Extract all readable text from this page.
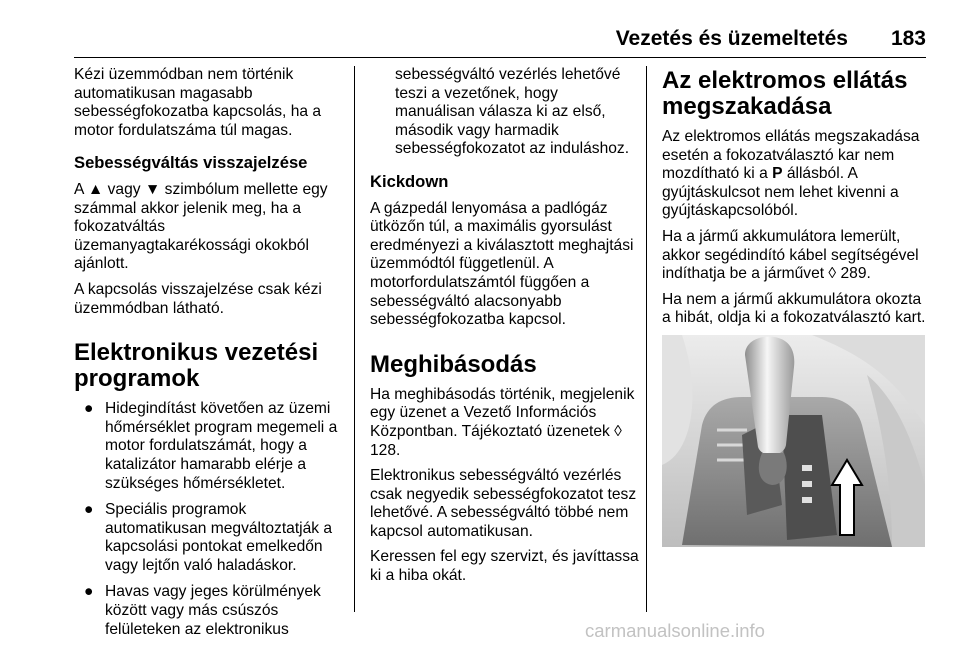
Vezetés és üzemeltetés 183

Kézi üzemmódban nem történik automatikusan magasabb sebességfokozatba kapcsolás, ha a motor fordulatszáma túl magas.

Sebességváltás visszajelzése

A ▲ vagy ▼ szimbólum mellette egy számmal akkor jelenik meg, ha a fokozatváltás üzemanyagtakarékossági okokból ajánlott.

A kapcsolás visszajelzése csak kézi üzemmódban látható.

Elektronikus vezetési programok
● Hidegindítást követően az üzemi hőmérséklet program megemeli a motor fordulatszámát, hogy a katalizátor hamarabb elérje a szükséges hőmérsékletet.
● Speciális programok automatikusan megváltoztatják a kapcsolási pontokat emelkedőn vagy lejtőn való haladáskor.
● Havas vagy jeges körülmények között vagy más csúszós felületeken az elektronikus

sebességváltó vezérlés lehetővé teszi a vezetőnek, hogy manuálisan válasza ki az első, második vagy harmadik sebességfokozatot az induláshoz.

Kickdown

A gázpedál lenyomása a padlógáz ütközőn túl, a maximális gyorsulást eredményezi a kiválasztott meghajtási üzemmódtól függetlenül. A motorfordulatszámtól függően a sebességváltó alacsonyabb sebességfokozatba kapcsol.

Meghibásodás

Ha meghibásodás történik, megjelenik egy üzenet a Vezető Információs Központban. Tájékoztató üzenetek ◊ 128.

Elektronikus sebességváltó vezérlés csak negyedik sebességfokozatot tesz lehetővé. A sebességváltó többé nem kapcsol automatikusan.

Keressen fel egy szervizt, és javíttassa ki a hiba okát.

Az elektromos ellátás megszakadása

Az elektromos ellátás megszakadása esetén a fokozatválasztó kar nem mozdítható ki a P állásból. A gyújtáskulcsot nem lehet kivenni a gyújtáskapcsolóból.

Ha a jármű akkumulátora lemerült, akkor segédindító kábel segítségével indíthatja be a járművet ◊ 289.

Ha nem a jármű akkumulátora okozta a hibát, oldja ki a fokozatválasztó kart.

carmanualsonline.info
